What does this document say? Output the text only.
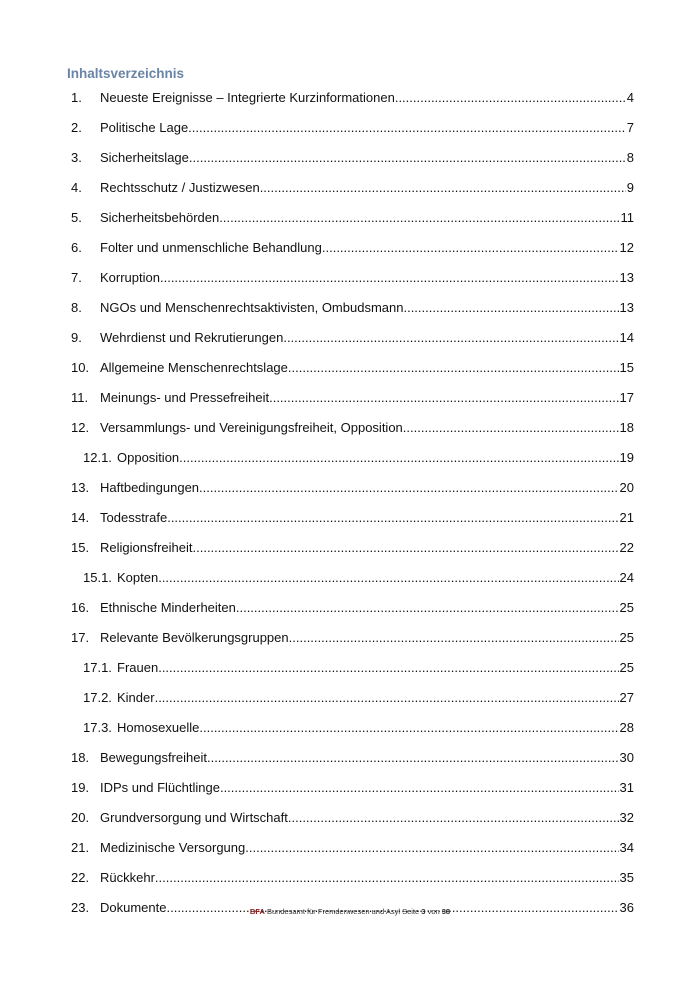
Inhaltsverzeichnis
1. Neueste Ereignisse – Integrierte Kurzinformationen .....	4
2. Politische Lage .....	7
3. Sicherheitslage .....	8
4. Rechtsschutz / Justizwesen .....	9
5. Sicherheitsbehörden .....	11
6. Folter und unmenschliche Behandlung .....	12
7. Korruption .....	13
8. NGOs und Menschenrechtsaktivisten, Ombudsmann .....	13
9. Wehrdienst und Rekrutierungen .....	14
10. Allgemeine Menschenrechtslage .....	15
11. Meinungs- und Pressefreiheit .....	17
12. Versammlungs- und Vereinigungsfreiheit, Opposition .....	18
12.1. Opposition .....	19
13. Haftbedingungen .....	20
14. Todesstrafe .....	21
15. Religionsfreiheit .....	22
15.1. Kopten .....	24
16. Ethnische Minderheiten .....	25
17. Relevante Bevölkerungsgruppen .....	25
17.1. Frauen .....	25
17.2. Kinder .....	27
17.3. Homosexuelle .....	28
18. Bewegungsfreiheit .....	30
19. IDPs und Flüchtlinge .....	31
20. Grundversorgung und Wirtschaft .....	32
21. Medizinische Versorgung .....	34
22. Rückkehr .....	35
23. Dokumente .....	36
BFA Bundesamt für Fremdenwesen und Asyl Seite 3 von 38
